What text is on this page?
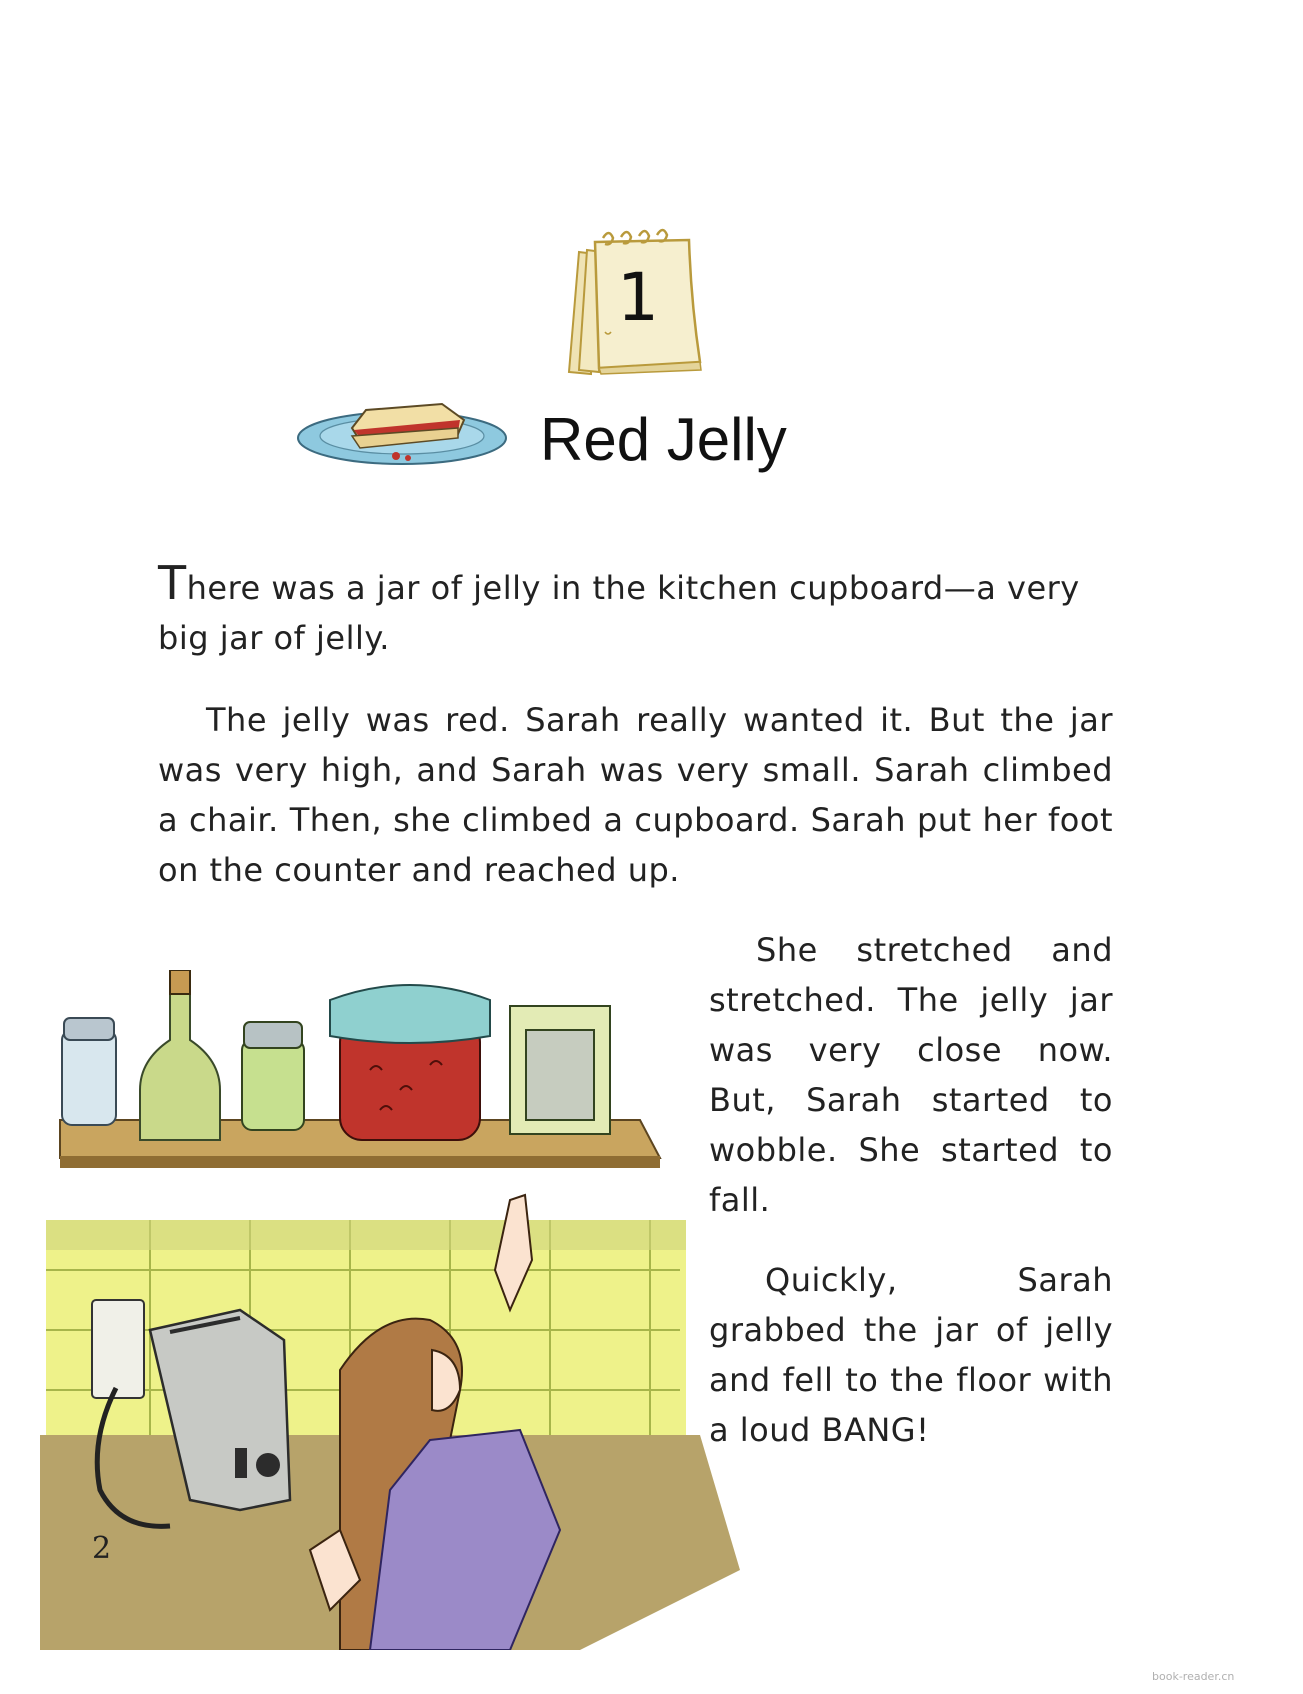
1
Red Jelly

There was a jar of jelly in the kitchen cupboard—a very big jar of jelly.

The jelly was red. Sarah really wanted it. But the jar was very high, and Sarah was very small. Sarah climbed a chair. Then, she climbed a cupboard. Sarah put her foot on the counter and reached up.

She stretched and stretched. The jelly jar was very close now. But, Sarah started to wobble. She started to fall.

Quickly, Sarah grabbed the jar of jelly and fell to the floor with a loud BANG!

2
book-reader.cn
